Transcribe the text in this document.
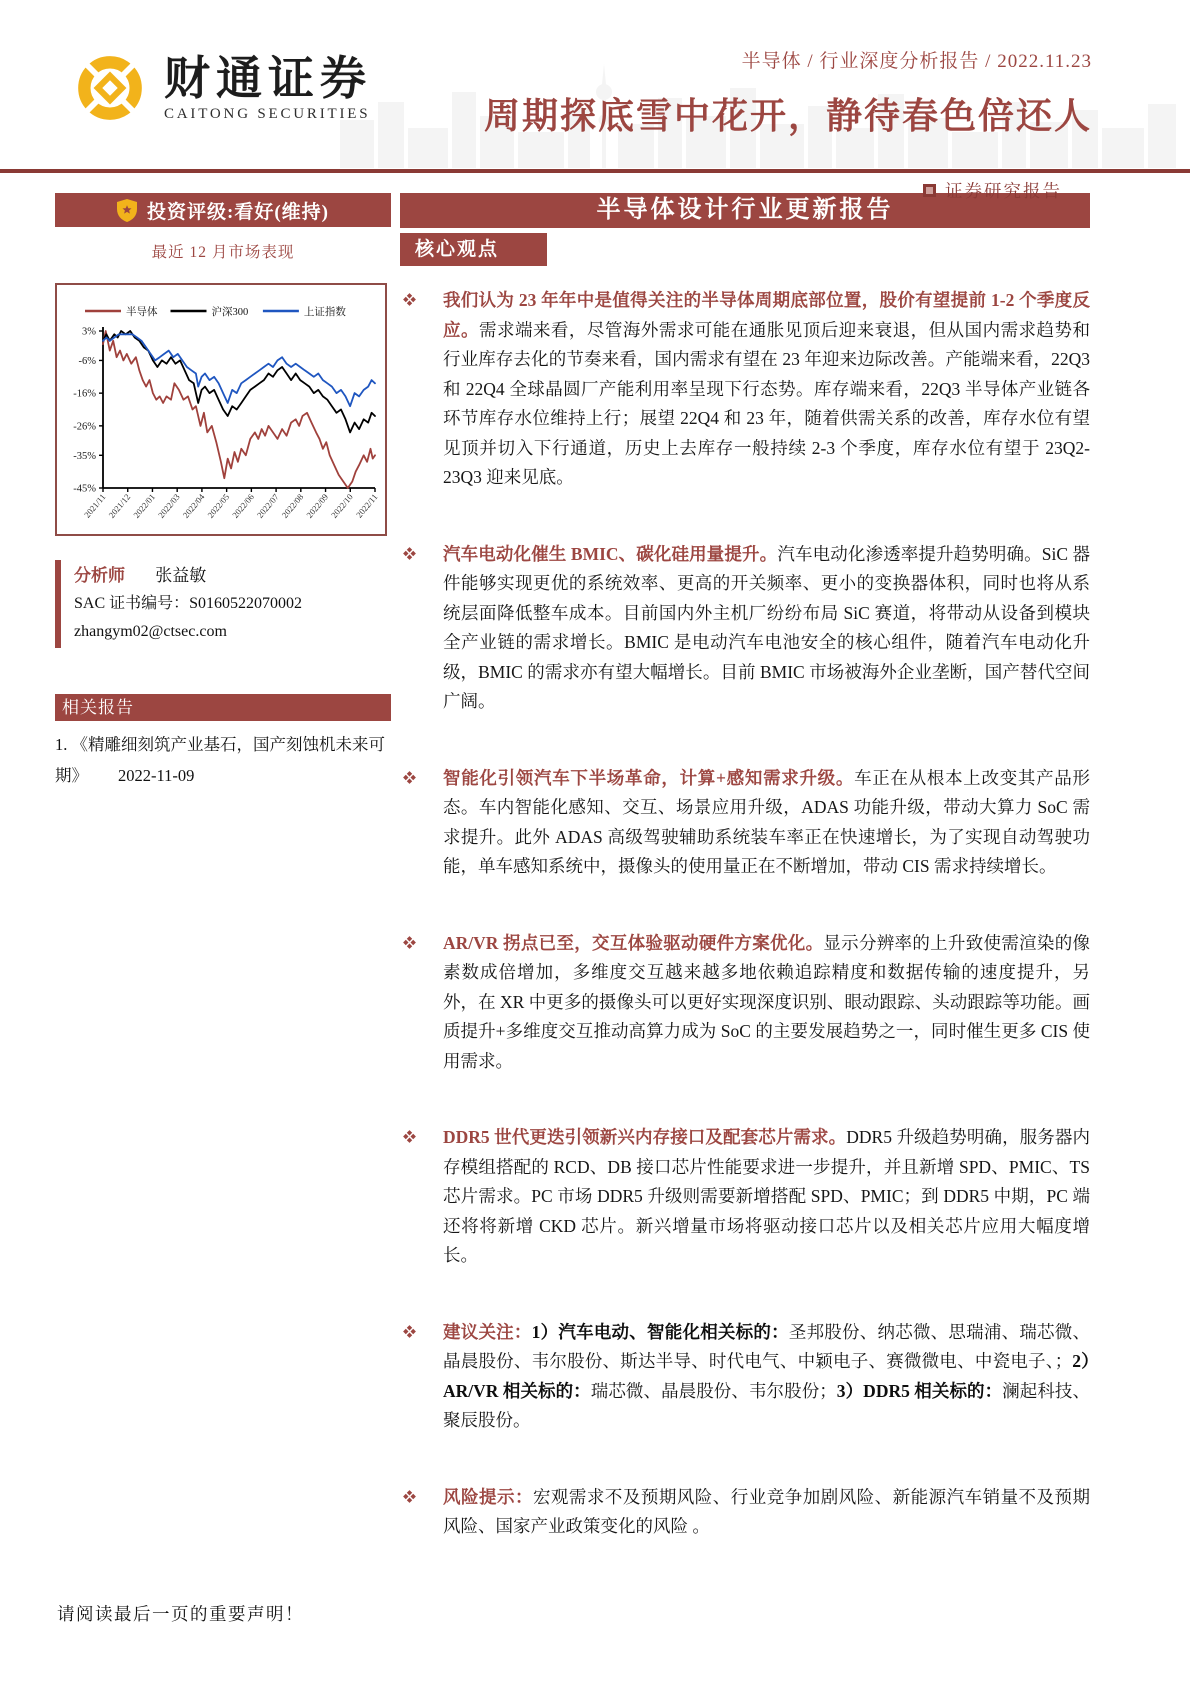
财通证券
CAITONG SECURITIES
半导体 / 行业深度分析报告 / 2022.11.23
周期探底雪中花开，静待春色倍还人
证券研究报告
投资评级:看好(维持)
最近 12 月市场表现
半导体	沪深300	上证指数
3%
-6%
-16%
-26%
-35%
-45%
2021/11
2021/12
2022/01
2022/03
2022/04
2022/05
2022/06
2022/07
2022/08
2022/09
2022/10 2022/11
分析师 张益敏
SAC 证书编号：S0160522070002
zhangym02@ctsec.com
相关报告
1. 《精雕细刻筑产业基石，国产刻蚀机未来可期》 2022-11-09
半导体设计行业更新报告
核心观点

我们认为 23 年年中是值得关注的半导体周期底部位置，股价有望提前 1-2 个季度反应。需求端来看，尽管海外需求可能在通胀见顶后迎来衰退，但从国内需求趋势和行业库存去化的节奏来看，国内需求有望在 23 年迎来边际改善。产能端来看，22Q3 和 22Q4 全球晶圆厂产能利用率呈现下行态势。库存端来看，22Q3 半导体产业链各环节库存水位维持上行；展望 22Q4 和 23 年，随着供需关系的改善，库存水位有望见顶并切入下行通道，历史上去库存一般持续 2-3 个季度，库存水位有望于 23Q2-23Q3 迎来见底。

汽车电动化催生 BMIC、碳化硅用量提升。汽车电动化渗透率提升趋势明确。SiC 器件能够实现更优的系统效率、更高的开关频率、更小的变换器体积，同时也将从系统层面降低整车成本。目前国内外主机厂纷纷布局 SiC 赛道，将带动从设备到模块全产业链的需求增长。BMIC 是电动汽车电池安全的核心组件，随着汽车电动化升级，BMIC 的需求亦有望大幅增长。目前 BMIC 市场被海外企业垄断，国产替代空间广阔。

智能化引领汽车下半场革命，计算+感知需求升级。车正在从根本上改变其产品形态。车内智能化感知、交互、场景应用升级，ADAS 功能升级，带动大算力 SoC 需求提升。此外 ADAS 高级驾驶辅助系统装车率正在快速增长，为了实现自动驾驶功能，单车感知系统中，摄像头的使用量正在不断增加，带动 CIS 需求持续增长。

AR/VR 拐点已至，交互体验驱动硬件方案优化。显示分辨率的上升致使需渲染的像素数成倍增加，多维度交互越来越多地依赖追踪精度和数据传输的速度提升，另外，在 XR 中更多的摄像头可以更好实现深度识别、眼动跟踪、头动跟踪等功能。画质提升+多维度交互推动高算力成为 SoC 的主要发展趋势之一，同时催生更多 CIS 使用需求。

DDR5 世代更迭引领新兴内存接口及配套芯片需求。DDR5 升级趋势明确，服务器内存模组搭配的 RCD、DB 接口芯片性能要求进一步提升，并且新增 SPD、PMIC、TS 芯片需求。PC 市场 DDR5 升级则需要新增搭配 SPD、PMIC；到 DDR5 中期，PC 端还将将新增 CKD 芯片。新兴增量市场将驱动接口芯片以及相关芯片应用大幅度增长。

建议关注：1）汽车电动、智能化相关标的：圣邦股份、纳芯微、思瑞浦、瑞芯微、晶晨股份、韦尔股份、斯达半导、时代电气、中颖电子、赛微微电、中瓷电子、；2）AR/VR 相关标的：瑞芯微、晶晨股份、韦尔股份；3）DDR5 相关标的：澜起科技、聚辰股份。

风险提示：宏观需求不及预期风险、行业竞争加剧风险、新能源汽车销量不及预期风险、国家产业政策变化的风险 。

请阅读最后一页的重要声明！
